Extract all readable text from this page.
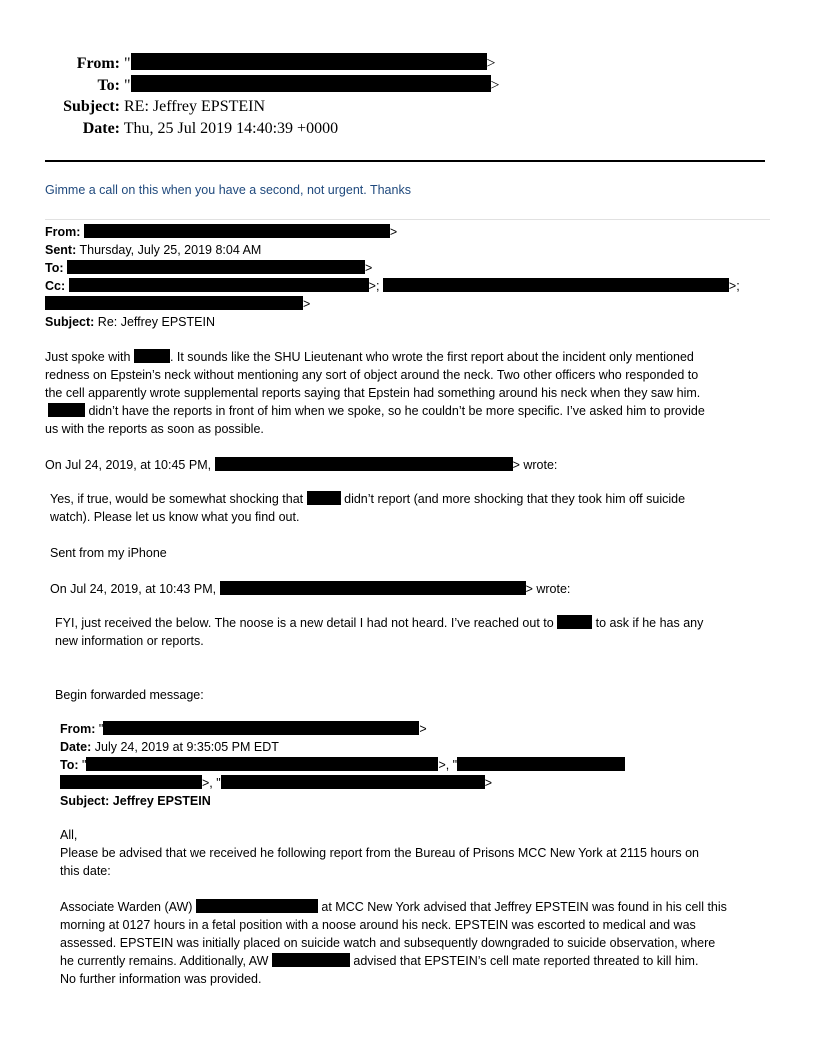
From: "	>
To: "	>
Subject: RE: Jeffrey EPSTEIN
Date: Thu, 25 Jul 2019 14:40:39 +0000
Gimme a call on this when you have a second, not urgent. Thanks
From:	>
Sent: Thursday, July 25, 2019 8:04 AM
To:	>
Cc:	>;	>;
>
Subject: Re: Jeffrey EPSTEIN
Just spoke with	. It sounds like the SHU Lieutenant who wrote the first report about the incident only mentioned
redness on Epstein’s neck without mentioning any sort of object around the neck. Two other officers who responded to
the cell apparently wrote supplemental reports saying that Epstein had something around his neck when they saw him.
didn’t have the reports in front of him when we spoke, so he couldn’t be more specific. I’ve asked him to provide
us with the reports as soon as possible.
On Jul 24, 2019, at 10:45 PM,	> wrote:
Yes, if true, would be somewhat shocking that	didn’t report (and more shocking that they took him off suicide
watch). Please let us know what you find out.
Sent from my iPhone
On Jul 24, 2019, at 10:43 PM,	> wrote:
FYI, just received the below. The noose is a new detail I had not heard. I’ve reached out to	to ask if he has any
new information or reports.
Begin forwarded message:
From: "	>
Date: July 24, 2019 at 9:35:05 PM EDT
To: "	>, "
>, "	>
Subject: Jeffrey EPSTEIN
All,
Please be advised that we received he following report from the Bureau of Prisons MCC New York at 2115 hours on
this date:
Associate Warden (AW)	at MCC New York advised that Jeffrey EPSTEIN was found in his cell this
morning at 0127 hours in a fetal position with a noose around his neck. EPSTEIN was escorted to medical and was
assessed. EPSTEIN was initially placed on suicide watch and subsequently downgraded to suicide observation, where
he currently remains. Additionally, AW	advised that EPSTEIN’s cell mate reported threated to kill him.
No further information was provided.
